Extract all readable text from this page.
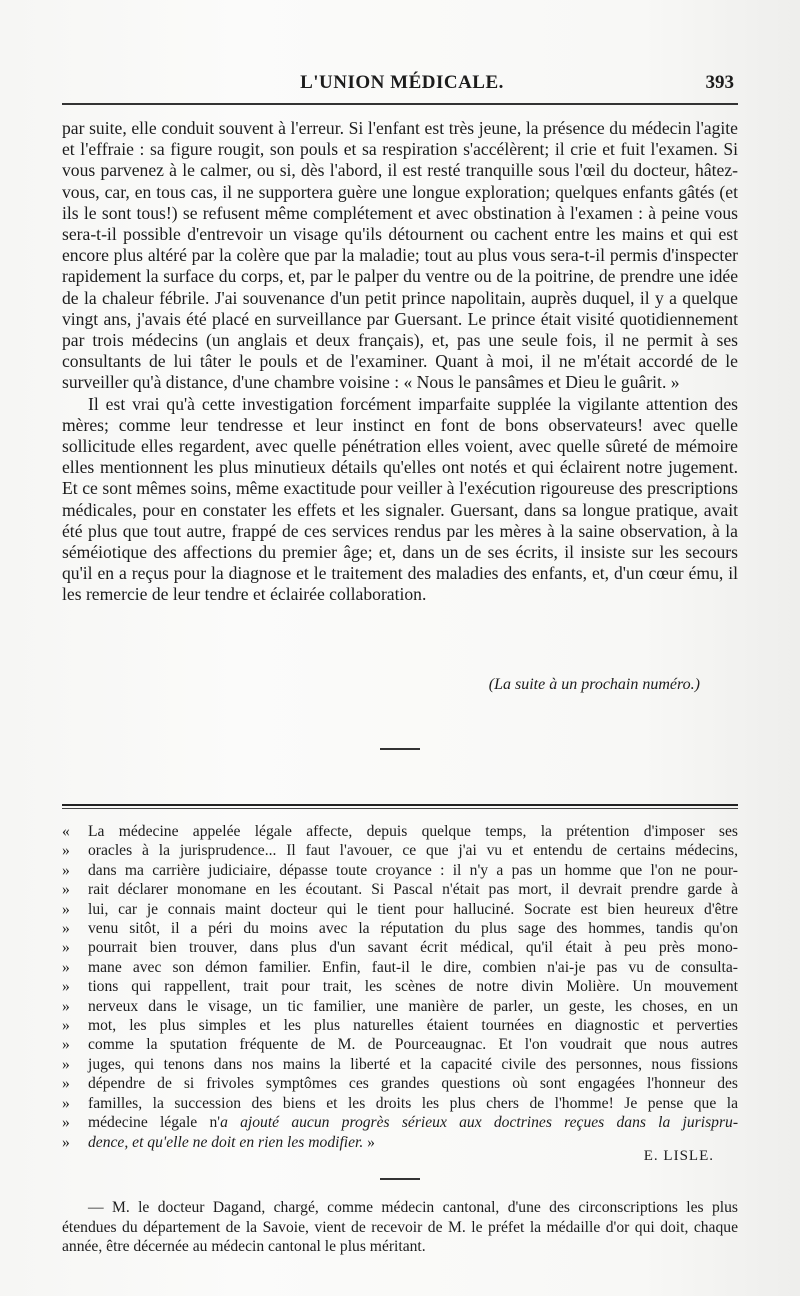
L'UNION MÉDICALE.	393

par suite, elle conduit souvent à l'erreur. Si l'enfant est très jeune, la présence du médecin l'agite et l'effraie : sa figure rougit, son pouls et sa respiration s'accélèrent; il crie et fuit l'examen. Si vous parvenez à le calmer, ou si, dès l'abord, il est resté tranquille sous l'œil du docteur, hâtez-vous, car, en tous cas, il ne supportera guère une longue exploration; quelques enfants gâtés (et ils le sont tous!) se refusent même complétement et avec obstination à l'examen : à peine vous sera-t-il possible d'entrevoir un visage qu'ils détournent ou cachent entre les mains et qui est encore plus altéré par la colère que par la maladie; tout au plus vous sera-t-il permis d'inspecter rapidement la surface du corps, et, par le palper du ventre ou de la poitrine, de prendre une idée de la chaleur fébrile. J'ai souvenance d'un petit prince napolitain, auprès duquel, il y a quelque vingt ans, j'avais été placé en surveillance par Guersant. Le prince était visité quotidiennement par trois médecins (un anglais et deux français), et, pas une seule fois, il ne permit à ses consultants de lui tâter le pouls et de l'examiner. Quant à moi, il ne m'était accordé de le surveiller qu'à distance, d'une chambre voisine : « Nous le pansâmes et Dieu le guârit. »

Il est vrai qu'à cette investigation forcément imparfaite supplée la vigilante attention des mères; comme leur tendresse et leur instinct en font de bons observateurs! avec quelle sollicitude elles regardent, avec quelle pénétration elles voient, avec quelle sûreté de mémoire elles mentionnent les plus minutieux détails qu'elles ont notés et qui éclairent notre jugement. Et ce sont mêmes soins, même exactitude pour veiller à l'exécution rigoureuse des prescriptions médicales, pour en constater les effets et les signaler. Guersant, dans sa longue pratique, avait été plus que tout autre, frappé de ces services rendus par les mères à la saine observation, à la séméiotique des affections du premier âge; et, dans un de ses écrits, il insiste sur les secours qu'il en a reçus pour la diagnose et le traitement des maladies des enfants, et, d'un cœur ému, il les remercie de leur tendre et éclairée collaboration.

(La suite à un prochain numéro.)
«	La médecine appelée légale affecte, depuis quelque temps, la prétention d'imposer ses
»	oracles à la jurisprudence... Il faut l'avouer, ce que j'ai vu et entendu de certains médecins,
»	dans ma carrière judiciaire, dépasse toute croyance : il n'y a pas un homme que l'on ne pour-
»	rait déclarer monomane en les écoutant. Si Pascal n'était pas mort, il devrait prendre garde à
»	lui, car je connais maint docteur qui le tient pour halluciné. Socrate est bien heureux d'être
»	venu sitôt, il a péri du moins avec la réputation du plus sage des hommes, tandis qu'on
»	pourrait bien trouver, dans plus d'un savant écrit médical, qu'il était à peu près mono-
»	mane avec son démon familier. Enfin, faut-il le dire, combien n'ai-je pas vu de consulta-
»	tions qui rappellent, trait pour trait, les scènes de notre divin Molière. Un mouvement
»	nerveux dans le visage, un tic familier, une manière de parler, un geste, les choses, en un
»	mot, les plus simples et les plus naturelles étaient tournées en diagnostic et perverties
»	comme la sputation fréquente de M. de Pourceaugnac. Et l'on voudrait que nous autres
»	juges, qui tenons dans nos mains la liberté et la capacité civile des personnes, nous fissions
»	dépendre de si frivoles symptômes ces grandes questions où sont engagées l'honneur des
»	familles, la succession des biens et les droits les plus chers de l'homme! Je pense que la
»	médecine légale n'a ajouté aucun progrès sérieux aux doctrines reçues dans la jurispru-
»	dence, et qu'elle ne doit en rien les modifier. »
E. LISLE.

— M. le docteur Dagand, chargé, comme médecin cantonal, d'une des circonscriptions les plus étendues du département de la Savoie, vient de recevoir de M. le préfet la médaille d'or qui doit, chaque année, être décernée au médecin cantonal le plus méritant.
